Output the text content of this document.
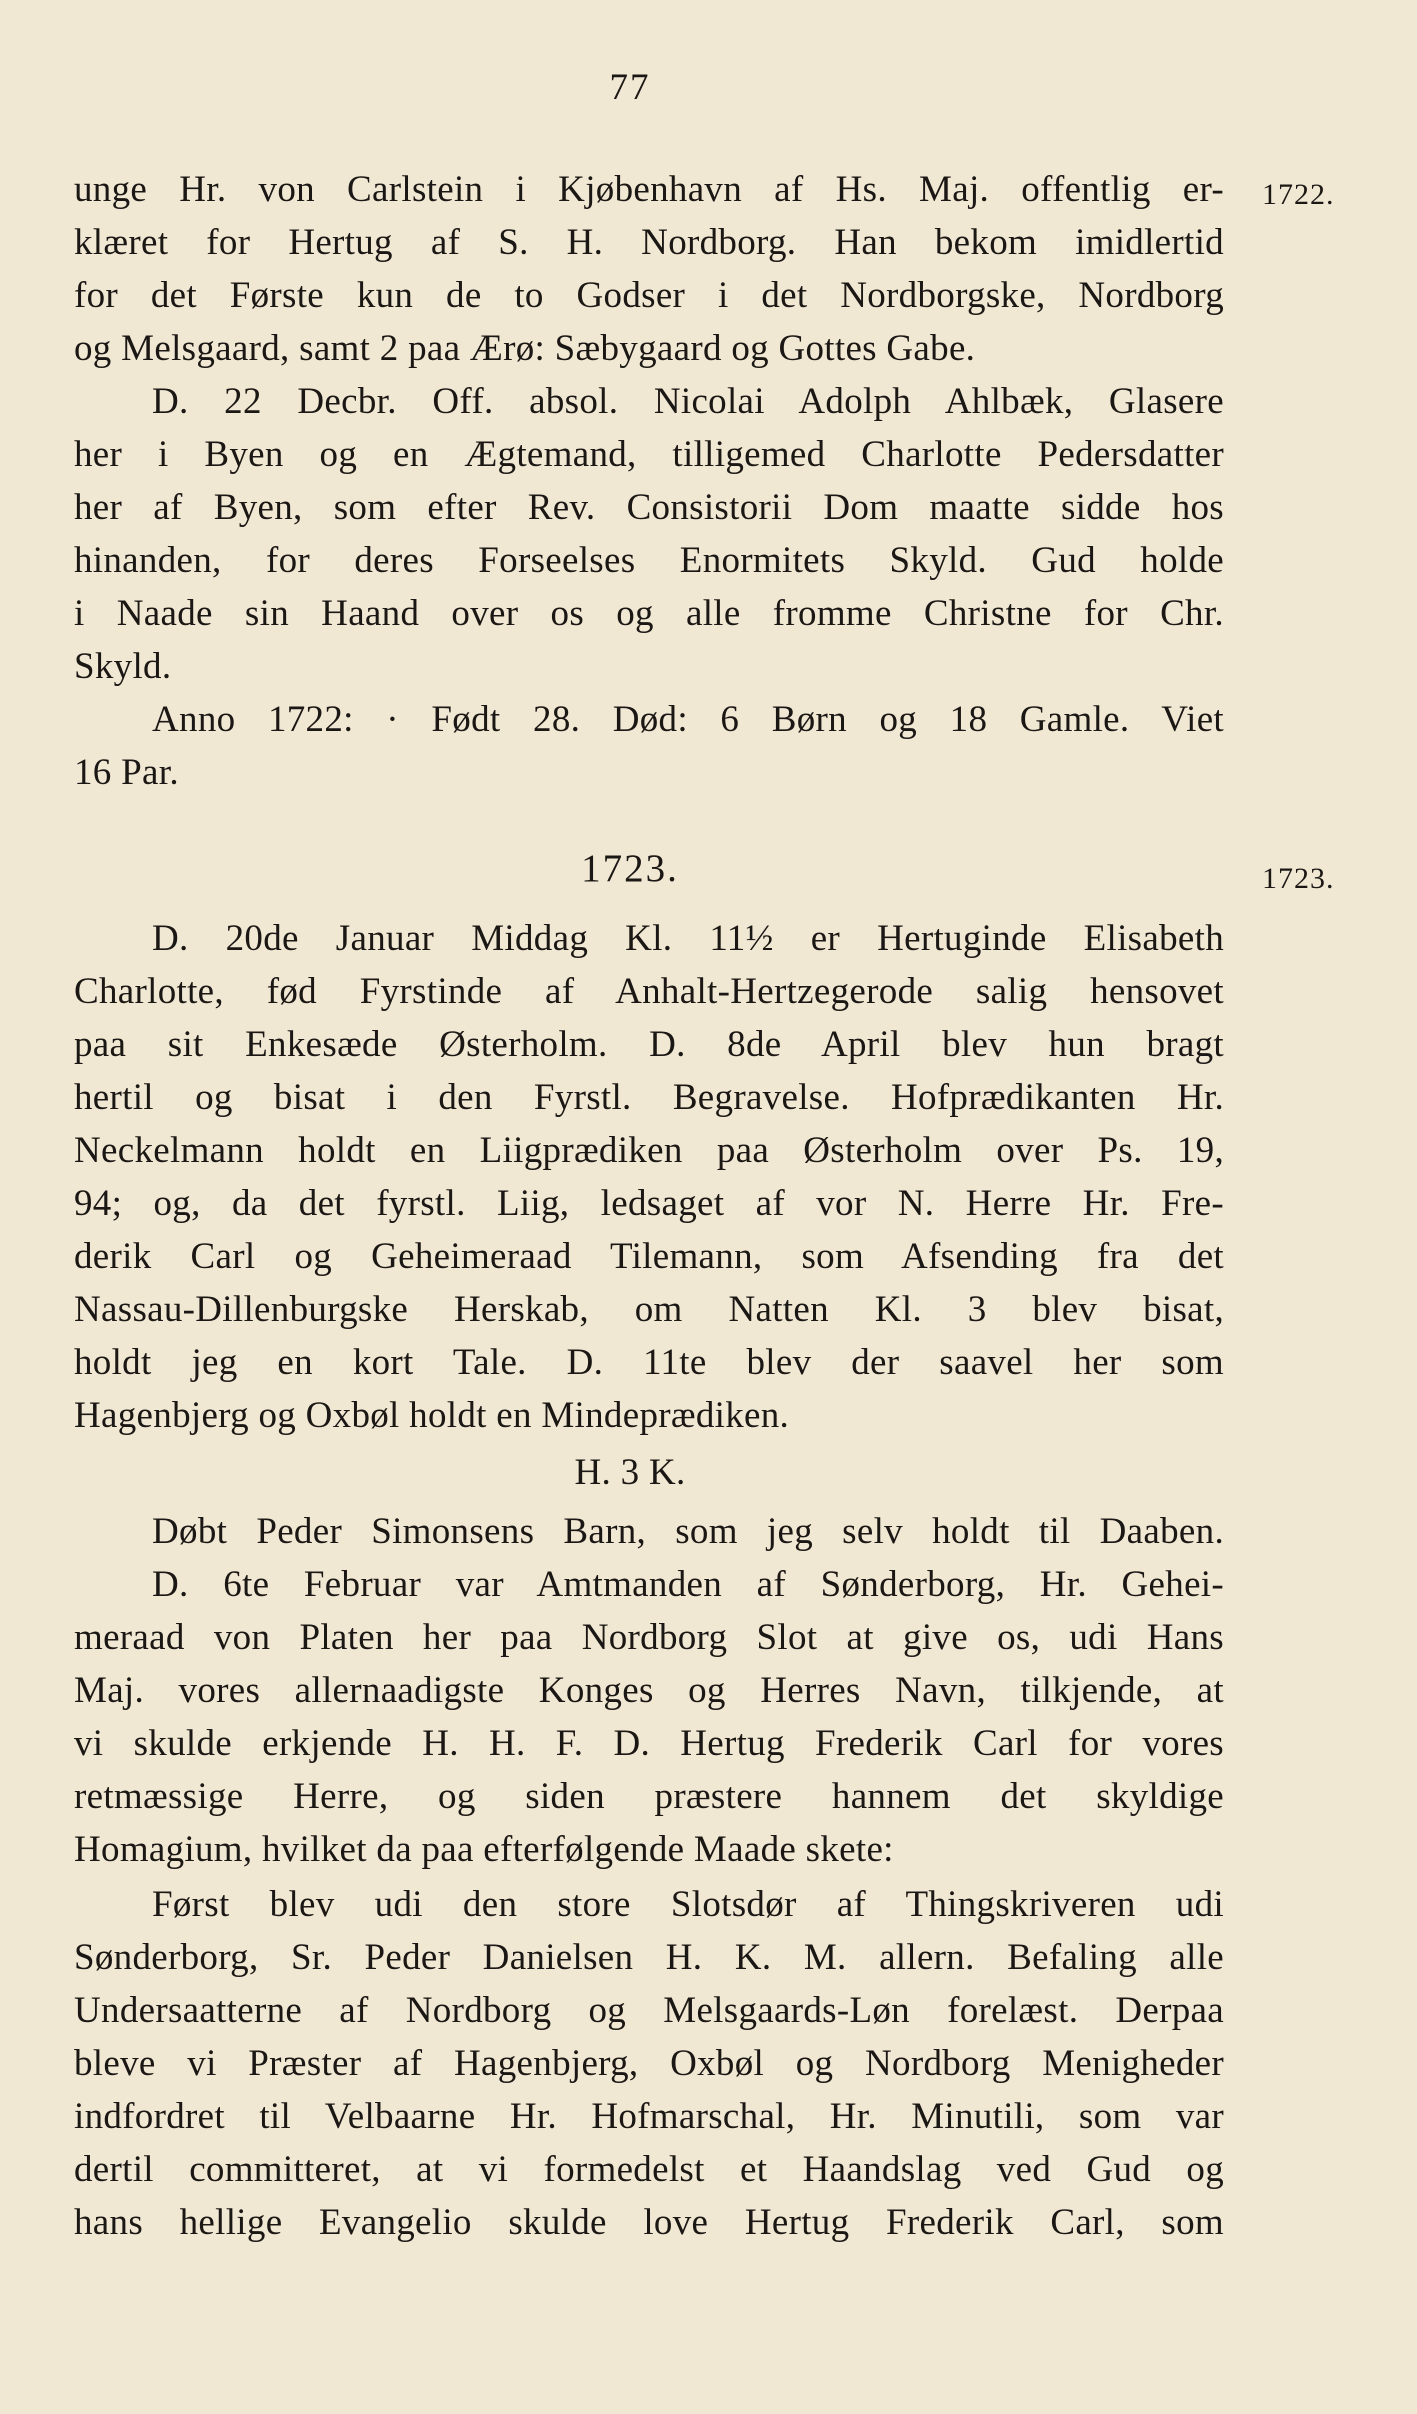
77
1722.
1723.
unge Hr. von Carlstein i Kjøbenhavn af Hs. Maj. offentlig er-
klæret for Hertug af S. H. Nordborg. Han bekom imidlertid
for det Første kun de to Godser i det Nordborgske, Nordborg
og Melsgaard, samt 2 paa Ærø: Sæbygaard og Gottes Gabe.
D. 22 Decbr. Off. absol. Nicolai Adolph Ahlbæk, Glasere
her i Byen og en Ægtemand, tilligemed Charlotte Pedersdatter
her af Byen, som efter Rev. Consistorii Dom maatte sidde hos
hinanden, for deres Forseelses Enormitets Skyld. Gud holde
i Naade sin Haand over os og alle fromme Christne for Chr.
Skyld.
Anno 1722: · Født 28. Død: 6 Børn og 18 Gamle. Viet
16 Par.
1723.
D. 20de Januar Middag Kl. 11½ er Hertuginde Elisabeth
Charlotte, fød Fyrstinde af Anhalt-Hertzegerode salig hensovet
paa sit Enkesæde Østerholm. D. 8de April blev hun bragt
hertil og bisat i den Fyrstl. Begravelse. Hofprædikanten Hr.
Neckelmann holdt en Liigprædiken paa Østerholm over Ps. 19,
94; og, da det fyrstl. Liig, ledsaget af vor N. Herre Hr. Fre-
derik Carl og Geheimeraad Tilemann, som Afsending fra det
Nassau-Dillenburgske Herskab, om Natten Kl. 3 blev bisat,
holdt jeg en kort Tale. D. 11te blev der saavel her som
Hagenbjerg og Oxbøl holdt en Mindeprædiken.
H. 3 K.
Døbt Peder Simonsens Barn, som jeg selv holdt til Daaben.
D. 6te Februar var Amtmanden af Sønderborg, Hr. Gehei-
meraad von Platen her paa Nordborg Slot at give os, udi Hans
Maj. vores allernaadigste Konges og Herres Navn, tilkjende, at
vi skulde erkjende H. H. F. D. Hertug Frederik Carl for vores
retmæssige Herre, og siden præstere hannem det skyldige
Homagium, hvilket da paa efterfølgende Maade skete:
Først blev udi den store Slotsdør af Thingskriveren udi
Sønderborg, Sr. Peder Danielsen H. K. M. allern. Befaling alle
Undersaatterne af Nordborg og Melsgaards-Løn forelæst. Derpaa
bleve vi Præster af Hagenbjerg, Oxbøl og Nordborg Menigheder
indfordret til Velbaarne Hr. Hofmarschal, Hr. Minutili, som var
dertil committeret, at vi formedelst et Haandslag ved Gud og
hans hellige Evangelio skulde love Hertug Frederik Carl, som
